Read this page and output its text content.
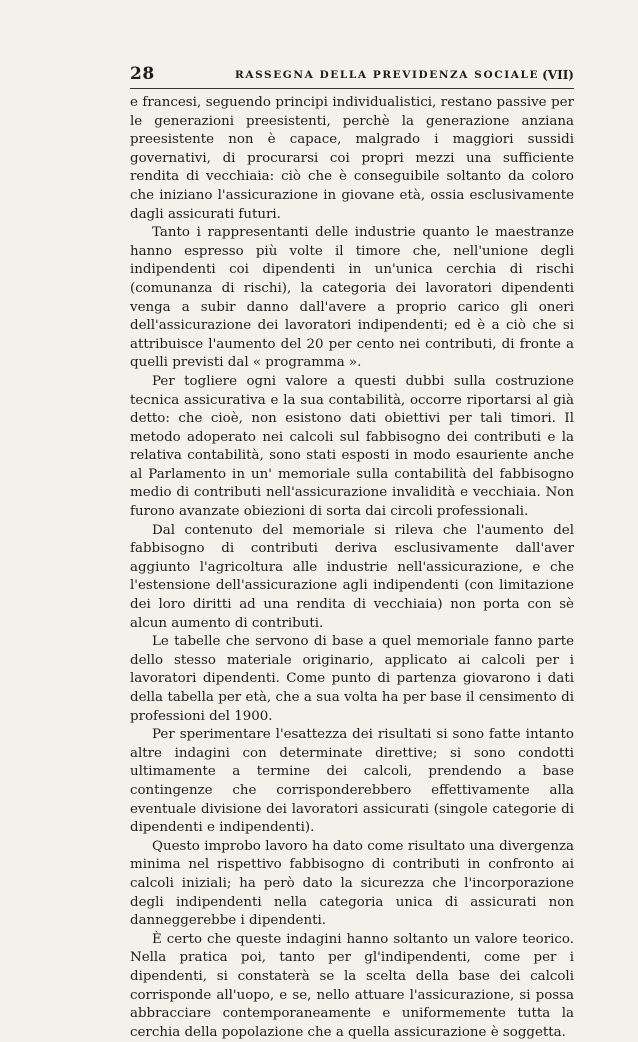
28	RASSEGNA DELLA PREVIDENZA SOCIALE (VII)

e francesi, seguendo principi individualistici, restano passive per le generazioni preesistenti, perchè la generazione anziana preesistente non è capace, malgrado i maggiori sussidi governativi, di procurarsi coi propri mezzi una sufficiente rendita di vecchiaia: ciò che è conseguibile soltanto da coloro che iniziano l'assicurazione in giovane età, ossia esclusivamente dagli assicurati futuri.

Tanto i rappresentanti delle industrie quanto le maestranze hanno espresso più volte il timore che, nell'unione degli indipendenti coi dipendenti in un'unica cerchia di rischi (comunanza di rischi), la categoria dei lavoratori dipendenti venga a subir danno dall'avere a proprio carico gli oneri dell'assicurazione dei lavoratori indipendenti; ed è a ciò che si attribuisce l'aumento del 20 per cento nei contributi, di fronte a quelli previsti dal « programma ».

Per togliere ogni valore a questi dubbi sulla costruzione tecnica assicurativa e la sua contabilità, occorre riportarsi al già detto: che cioè, non esistono dati obiettivi per tali timori. Il metodo adoperato nei calcoli sul fabbisogno dei contributi e la relativa contabilità, sono stati esposti in modo esauriente anche al Parlamento in un' memoriale sulla contabilità del fabbisogno medio di contributi nell'assicurazione invalidità e vecchiaia. Non furono avanzate obiezioni di sorta dai circoli professionali.

Dal contenuto del memoriale si rileva che l'aumento del fabbisogno di contributi deriva esclusivamente dall'aver aggiunto l'agricoltura alle industrie nell'assicurazione, e che l'estensione dell'assicurazione agli indipendenti (con limitazione dei loro diritti ad una rendita di vecchiaia) non porta con sè alcun aumento di contributi.

Le tabelle che servono di base a quel memoriale fanno parte dello stesso materiale originario, applicato ai calcoli per i lavoratori dipendenti. Come punto di partenza giovarono i dati della tabella per età, che a sua volta ha per base il censimento di professioni del 1900.

Per sperimentare l'esattezza dei risultati si sono fatte intanto altre indagini con determinate direttive; si sono condotti ultimamente a termine dei calcoli, prendendo a base contingenze che corrisponderebbero effettivamente alla eventuale divisione dei lavoratori assicurati (singole categorie di dipendenti e indipendenti).

Questo improbo lavoro ha dato come risultato una divergenza minima nel rispettivo fabbisogno di contributi in confronto ai calcoli iniziali; ha però dato la sicurezza che l'incorporazione degli indipendenti nella categoria unica di assicurati non danneggerebbe i dipendenti.

È certo che queste indagini hanno soltanto un valore teorico. Nella pratica poi, tanto per gl'indipendenti, come per i dipendenti, si constaterà se la scelta della base dei calcoli corrisponde all'uopo, e se, nello attuare l'assicurazione, si possa abbracciare contemporaneamente e uniformemente tutta la cerchia della popolazione che a quella assicurazione è soggetta.
